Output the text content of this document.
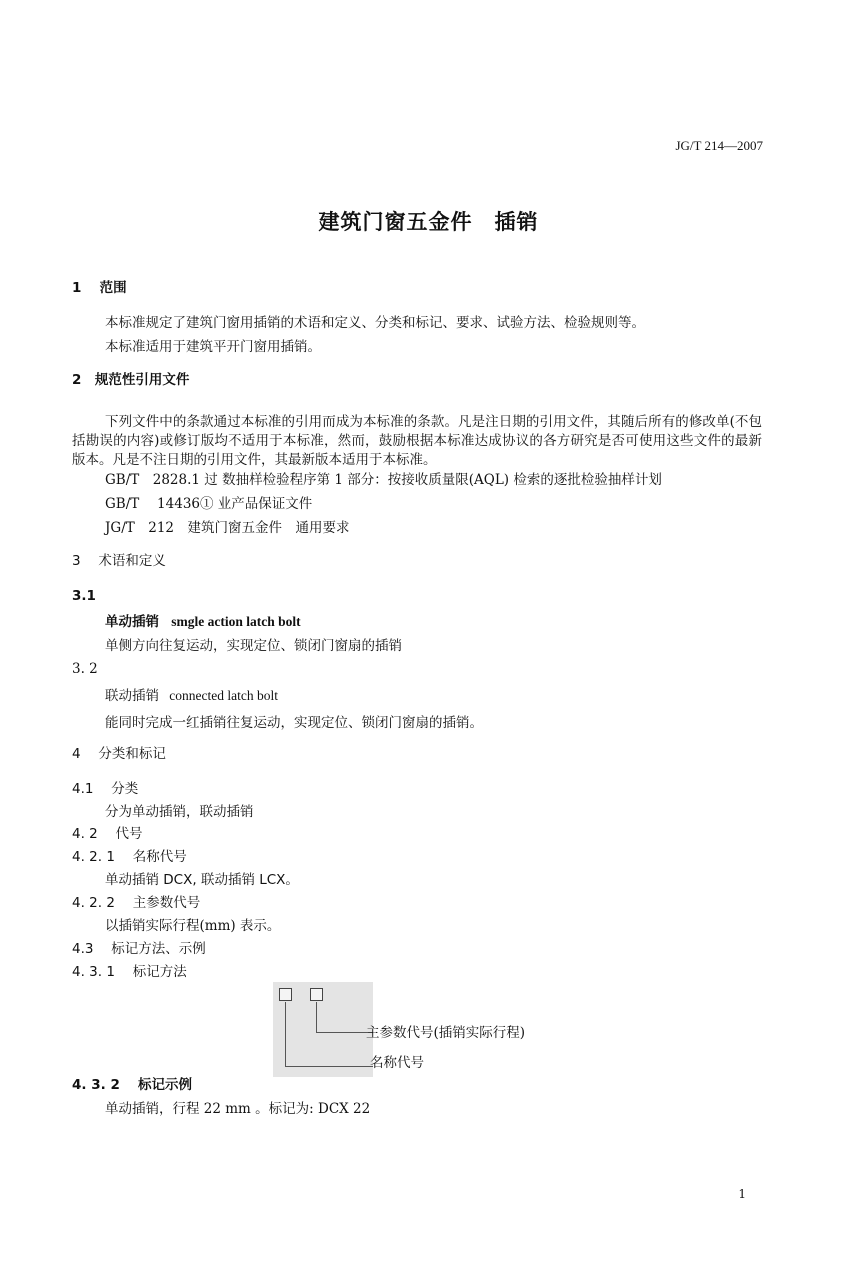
JG/T 214—2007
建筑门窗五金件　插销
1　 范围
本标准规定了建筑门窗用插销的术语和定义、分类和标记、要求、试验方法、检验规则等。
本标准适用于建筑平开门窗用插销。
2　规范性引用文件
下列文件中的条款通过本标准的引用而成为本标准的条款。凡是注日期的引用文件，其随后所有的修改单(不包括勘误的内容)或修订版均不适用于本标准，然而，鼓励根据本标准达成协议的各方研究是否可使用这些文件的最新版本。凡是不注日期的引用文件，其最新版本适用于本标准。
GB/T　2828.1 过 数抽样检验程序第 1 部分：按接收质量限(AQL) 检索的逐批检验抽样计划
GB/T　 14436① 业产品保证文件
JG/T　212　建筑门窗五金件　通用要求
3　 术语和定义
3.1
单动插销 smgle action latch bolt
单侧方向往复运动，实现定位、锁闭门窗扇的插销
3. 2
联动插销 connected latch bolt
能同时完成一红插销往复运动，实现定位、锁闭门窗扇的插销。
4　 分类和标记
4.1　 分类
分为单动插销，联动插销
4. 2　 代号
4. 2. 1　 名称代号
单动插销 DCX, 联动插销 LCX。
4. 2. 2　 主参数代号
以插销实际行程(mm) 表示。
4.3　 标记方法、示例
4. 3. 1　 标记方法
主参数代号(插销实际行程)
名称代号
4. 3. 2　 标记示例
单动插销，行程 22 mm 。标记为: DCX 22
1
